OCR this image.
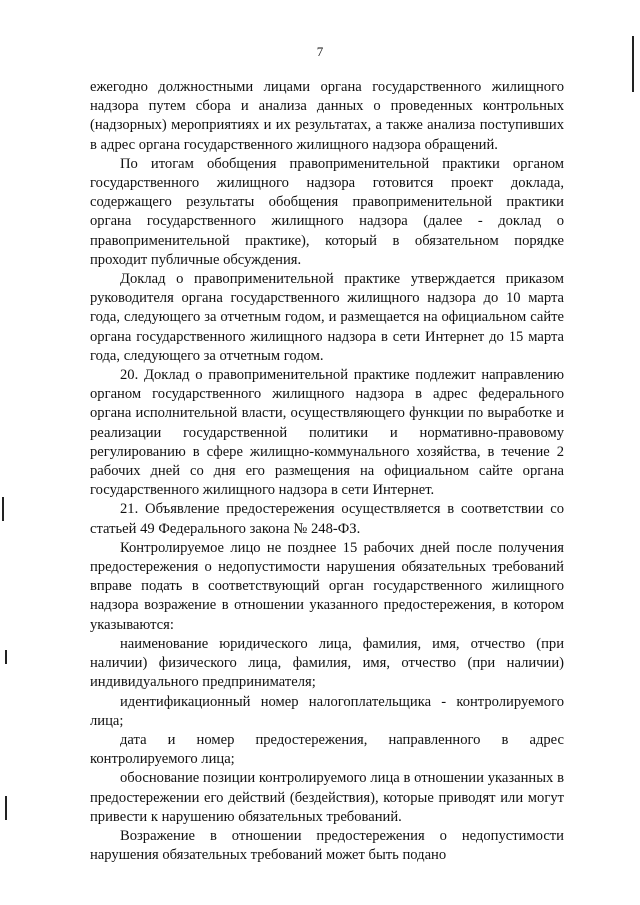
7

ежегодно должностными лицами органа государственного жилищного надзора путем сбора и анализа данных о проведенных контрольных (надзорных) мероприятиях и их результатах, а также анализа поступивших в адрес органа государственного жилищного надзора обращений.

По итогам обобщения правоприменительной практики органом государственного жилищного надзора готовится проект доклада, содержащего результаты обобщения правоприменительной практики органа государственного жилищного надзора (далее - доклад о правоприменительной практике), который в обязательном порядке проходит публичные обсуждения.

Доклад о правоприменительной практике утверждается приказом руководителя органа государственного жилищного надзора до 10 марта года, следующего за отчетным годом, и размещается на официальном сайте органа государственного жилищного надзора в сети Интернет до 15 марта года, следующего за отчетным годом.

20. Доклад о правоприменительной практике подлежит направлению органом государственного жилищного надзора в адрес федерального органа исполнительной власти, осуществляющего функции по выработке и реализации государственной политики и нормативно-правовому регулированию в сфере жилищно-коммунального хозяйства, в течение 2 рабочих дней со дня его размещения на официальном сайте органа государственного жилищного надзора в сети Интернет.

21. Объявление предостережения осуществляется в соответствии со статьей 49 Федерального закона № 248-ФЗ.

Контролируемое лицо не позднее 15 рабочих дней после получения предостережения о недопустимости нарушения обязательных требований вправе подать в соответствующий орган государственного жилищного надзора возражение в отношении указанного предостережения, в котором указываются:

наименование юридического лица, фамилия, имя, отчество (при наличии) физического лица, фамилия, имя, отчество (при наличии) индивидуального предпринимателя;

идентификационный номер налогоплательщика - контролируемого лица;

дата и номер предостережения, направленного в адрес контролируемого лица;

обоснование позиции контролируемого лица в отношении указанных в предостережении его действий (бездействия), которые приводят или могут привести к нарушению обязательных требований.

Возражение в отношении предостережения о недопустимости нарушения обязательных требований может быть подано
